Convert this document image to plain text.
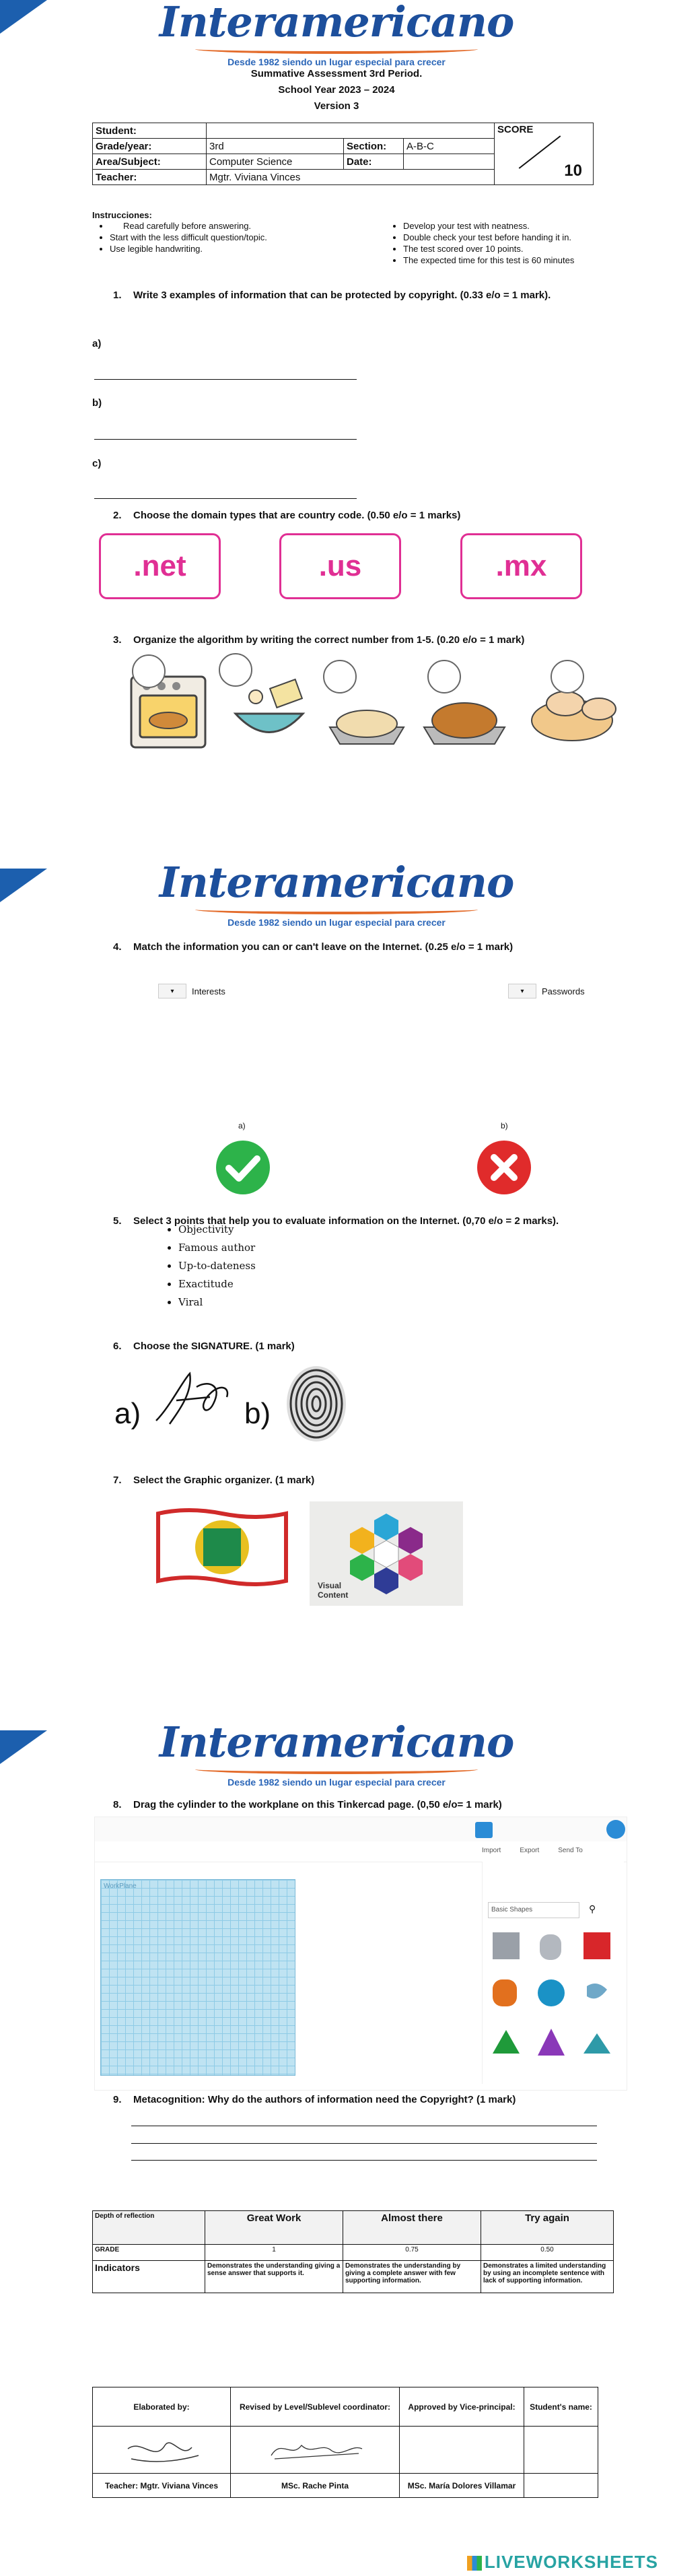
Interamericano
Desde 1982 siendo un lugar especial para crecer
Summative Assessment 3rd Period.
School Year 2023 – 2024
Version 3
Student:				SCORE
10

Grade/year:	3rd	Section:	A-B-C	
Area/Subject:	Computer Science	Date:		
Teacher:	Mgtr. Viviana Vinces			
Instrucciones:
• Read carefully before answering.
• Start with the less difficult question/topic.
• Use legible handwriting.
• Develop your test with neatness.
• Double check your test before handing it in.
• The test scored over 10 points.
• The expected time for this test is 60 minutes
1. Write 3 examples of information that can be protected by copyright. (0.33 e/o = 1 mark).
a)
b)
c)
2. Choose the domain types that are country code. (0.50 e/o = 1 marks)
.net	.us	.mx
3. Organize the algorithm by writing the correct number from 1-5. (0.20 e/o = 1 mark)
Interamericano
Desde 1982 siendo un lugar especial para crecer
4. Match the information you can or can't leave on the Internet. (0.25 e/o = 1 mark)
▾	Interests	▾	Passwords
a)	b)
5. Select 3 points that help you to evaluate information on the Internet. (0,70 e/o = 2 marks).
• Objectivity
• Famous author
• Up-to-dateness
• Exactitude
• Viral
6. Choose the SIGNATURE. (1 mark)
a)	b)
7. Select the Graphic organizer. (1 mark)
Visual Content
Interamericano
Desde 1982 siendo un lugar especial para crecer
8. Drag the cylinder to the workplane on this Tinkercad page. (0,50 e/o= 1 mark)
Import	Export	Send To
WorkPlane
Basic Shapes	⚲
9. Metacognition: Why do the authors of information need the Copyright? (1 mark)
Depth of reflection	Great Work	Almost there	Try again
GRADE	1	0.75	0.50
Indicators	Demonstrates the understanding giving a sense answer that supports it.	Demonstrates the understanding by giving a complete answer with few supporting information.	Demonstrates a limited understanding by using an incomplete sentence with lack of supporting information.
Elaborated by:	Revised by Level/Sublevel coordinator:	Approved by Vice-principal:	Student's name:

Teacher: Mgtr. Viviana Vinces	MSc. Rache Pinta	MSc. María Dolores Villamar	
LIVEWORKSHEETS
